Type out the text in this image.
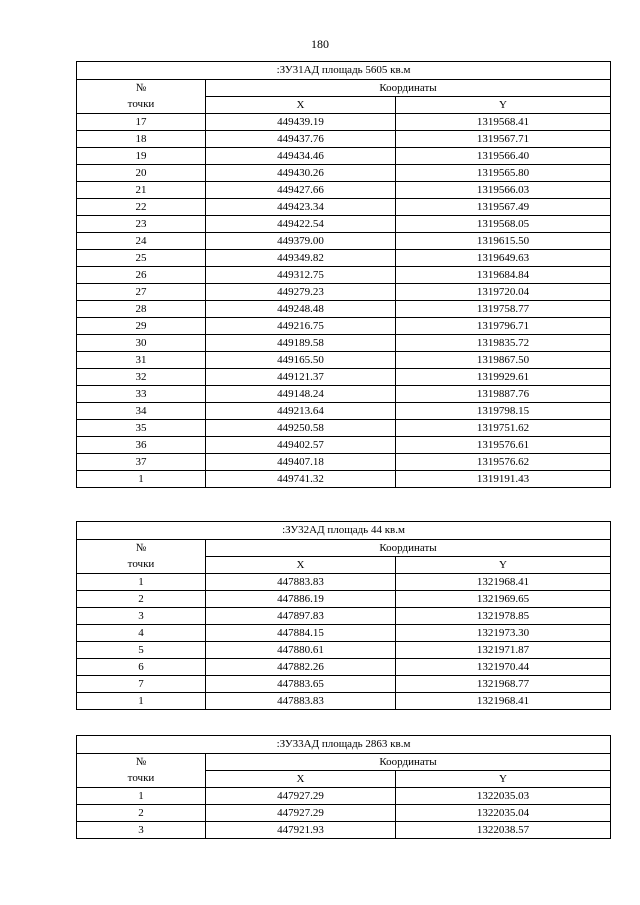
180
:ЗУ31АД площадь 5605 кв.м		
№	Координаты	
точки	X	Y
17	449439.19	1319568.41
18	449437.76	1319567.71
19	449434.46	1319566.40
20	449430.26	1319565.80
21	449427.66	1319566.03
22	449423.34	1319567.49
23	449422.54	1319568.05
24	449379.00	1319615.50
25	449349.82	1319649.63
26	449312.75	1319684.84
27	449279.23	1319720.04
28	449248.48	1319758.77
29	449216.75	1319796.71
30	449189.58	1319835.72
31	449165.50	1319867.50
32	449121.37	1319929.61
33	449148.24	1319887.76
34	449213.64	1319798.15
35	449250.58	1319751.62
36	449402.57	1319576.61
37	449407.18	1319576.62
1	449741.32	1319191.43
:ЗУ32АД площадь 44 кв.м		
№	Координаты	
точки	X	Y
1	447883.83	1321968.41
2	447886.19	1321969.65
3	447897.83	1321978.85
4	447884.15	1321973.30
5	447880.61	1321971.87
6	447882.26	1321970.44
7	447883.65	1321968.77
1	447883.83	1321968.41
:ЗУ33АД площадь 2863 кв.м		
№	Координаты	
точки	X	Y
1	447927.29	1322035.03
2	447927.29	1322035.04
3	447921.93	1322038.57
